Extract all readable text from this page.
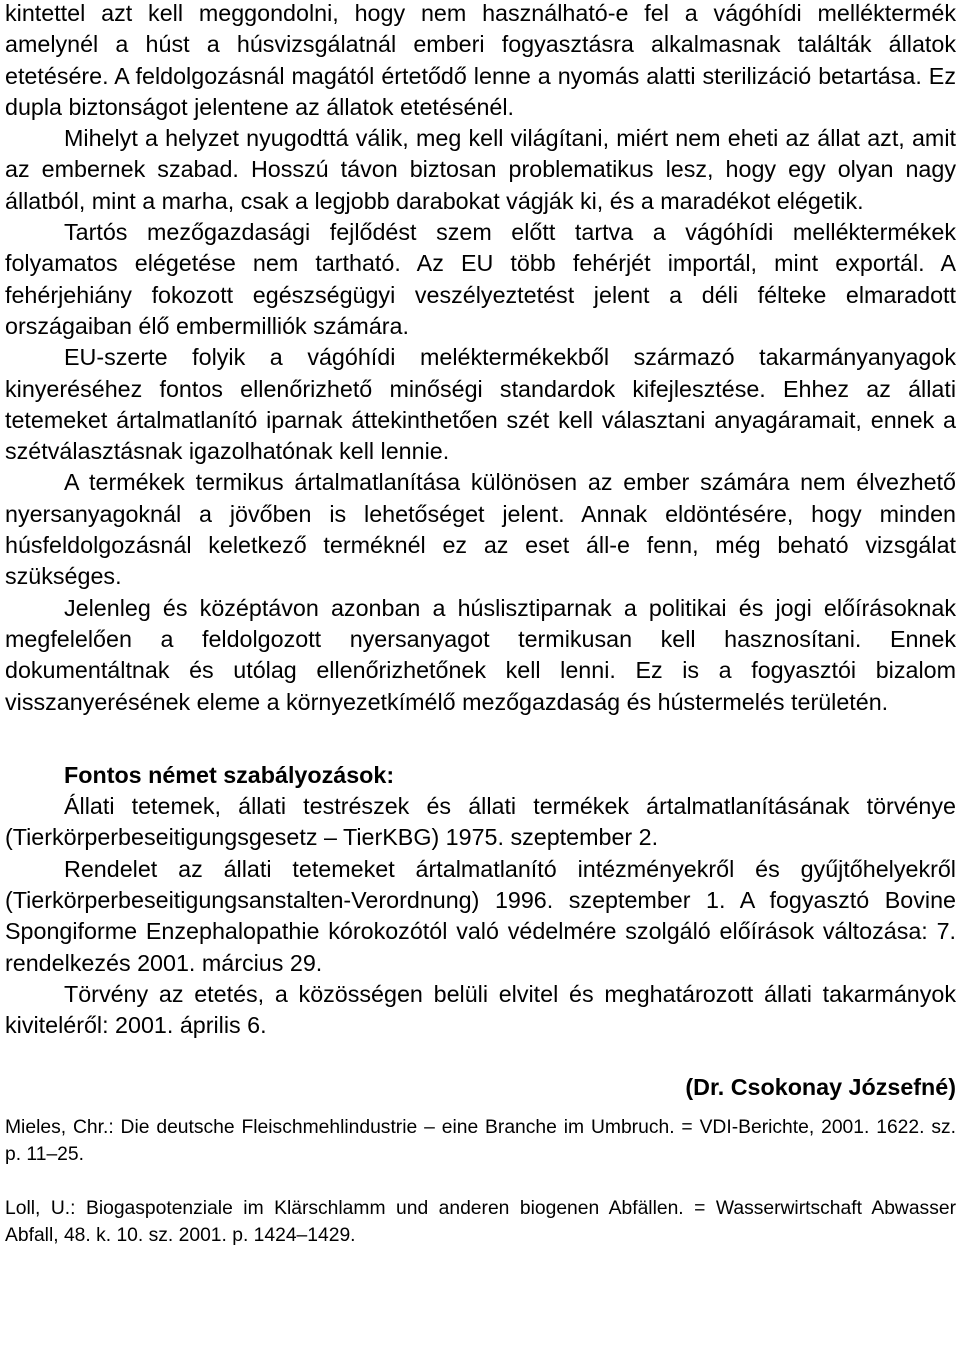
kintettel azt kell meggondolni, hogy nem használható-e fel a vágóhídi melléktermék amelynél a húst a húsvizsgálatnál emberi fogyasztásra alkalmasnak találták állatok etetésére. A feldolgozásnál magától értetődő lenne a nyomás alatti sterilizáció betartása. Ez dupla biztonságot jelentene az állatok etetésénél.

Mihelyt a helyzet nyugodttá válik, meg kell világítani, miért nem eheti az állat azt, amit az embernek szabad. Hosszú távon biztosan problematikus lesz, hogy egy olyan nagy állatból, mint a marha, csak a legjobb darabokat vágják ki, és a maradékot elégetik.

Tartós mezőgazdasági fejlődést szem előtt tartva a vágóhídi melléktermékek folyamatos elégetése nem tartható. Az EU több fehérjét importál, mint exportál. A fehérjehiány fokozott egészségügyi veszélyeztetést jelent a déli félteke elmaradott országaiban élő embermilliók számára.

EU-szerte folyik a vágóhídi meléktermékekből származó takarmányanyagok kinyeréséhez fontos ellenőrizhető minőségi standardok kifejlesztése. Ehhez az állati tetemeket ártalmatlanító iparnak áttekinthetően szét kell választani anyagáramait, ennek a szétválasztásnak igazolhatónak kell lennie.

A termékek termikus ártalmatlanítása különösen az ember számára nem élvezhető nyersanyagoknál a jövőben is lehetőséget jelent. Annak eldöntésére, hogy minden húsfeldolgozásnál keletkező terméknél ez az eset áll-e fenn, még beható vizsgálat szükséges.

Jelenleg és középtávon azonban a húslisztiparnak a politikai és jogi előírásoknak megfelelően a feldolgozott nyersanyagot termikusan kell hasznosítani. Ennek dokumentáltnak és utólag ellenőrizhetőnek kell lenni. Ez is a fogyasztói bizalom visszanyerésének eleme a környezetkímélő mezőgazdaság és hústermelés területén.

Fontos német szabályozások:

Állati tetemek, állati testrészek és állati termékek ártalmatlanításának törvénye (Tierkörperbeseitigungsgesetz – TierKBG) 1975. szeptember 2.

Rendelet az állati tetemeket ártalmatlanító intézményekről és gyűjtőhelyekről (Tierkörperbeseitigungsanstalten-Verordnung) 1996. szeptember 1. A fogyasztó Bovine Spongiforme Enzephalopathie kórokozótól való védelmére szolgáló előírások változása: 7. rendelkezés 2001. március 29.

Törvény az etetés, a közösségen belüli elvitel és meghatározott állati takarmányok kiviteléről: 2001. április 6.

(Dr. Csokonay Józsefné)

Mieles, Chr.: Die deutsche Fleischmehlindustrie – eine Branche im Umbruch. = VDI-Berichte, 2001. 1622. sz. p. 11–25.

Loll, U.: Biogaspotenziale im Klärschlamm und anderen biogenen Abfällen. = Wasserwirtschaft Abwasser Abfall, 48. k. 10. sz. 2001. p. 1424–1429.
